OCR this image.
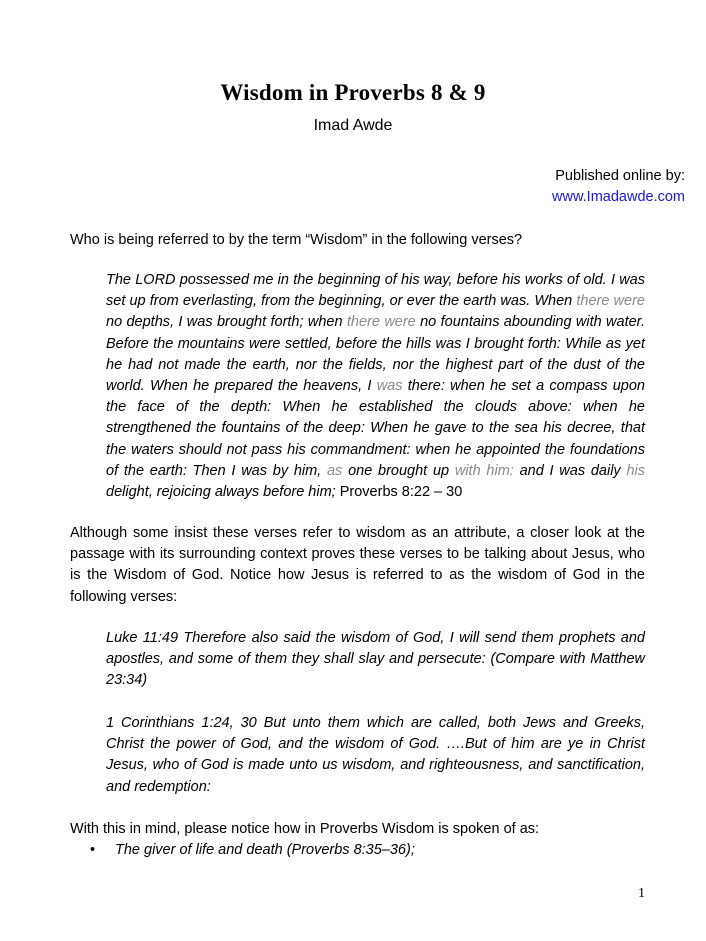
Wisdom in Proverbs 8 & 9
Imad Awde
Published online by:
www.Imadawde.com
Who is being referred to by the term “Wisdom” in the following verses?
The LORD possessed me in the beginning of his way, before his works of old. I was set up from everlasting, from the beginning, or ever the earth was. When there were no depths, I was brought forth; when there were no fountains abounding with water. Before the mountains were settled, before the hills was I brought forth: While as yet he had not made the earth, nor the fields, nor the highest part of the dust of the world. When he prepared the heavens, I was there: when he set a compass upon the face of the depth: When he established the clouds above: when he strengthened the fountains of the deep: When he gave to the sea his decree, that the waters should not pass his commandment: when he appointed the foundations of the earth: Then I was by him, as one brought up with him: and I was daily his delight, rejoicing always before him; Proverbs 8:22 – 30
Although some insist these verses refer to wisdom as an attribute, a closer look at the passage with its surrounding context proves these verses to be talking about Jesus, who is the Wisdom of God. Notice how Jesus is referred to as the wisdom of God in the following verses:
Luke 11:49 Therefore also said the wisdom of God, I will send them prophets and apostles, and some of them they shall slay and persecute: (Compare with Matthew 23:34)
1 Corinthians 1:24, 30 But unto them which are called, both Jews and Greeks, Christ the power of God, and the wisdom of God. ….But of him are ye in Christ Jesus, who of God is made unto us wisdom, and righteousness, and sanctification, and redemption:
With this in mind, please notice how in Proverbs Wisdom is spoken of as:
• The giver of life and death (Proverbs 8:35–36);
1
